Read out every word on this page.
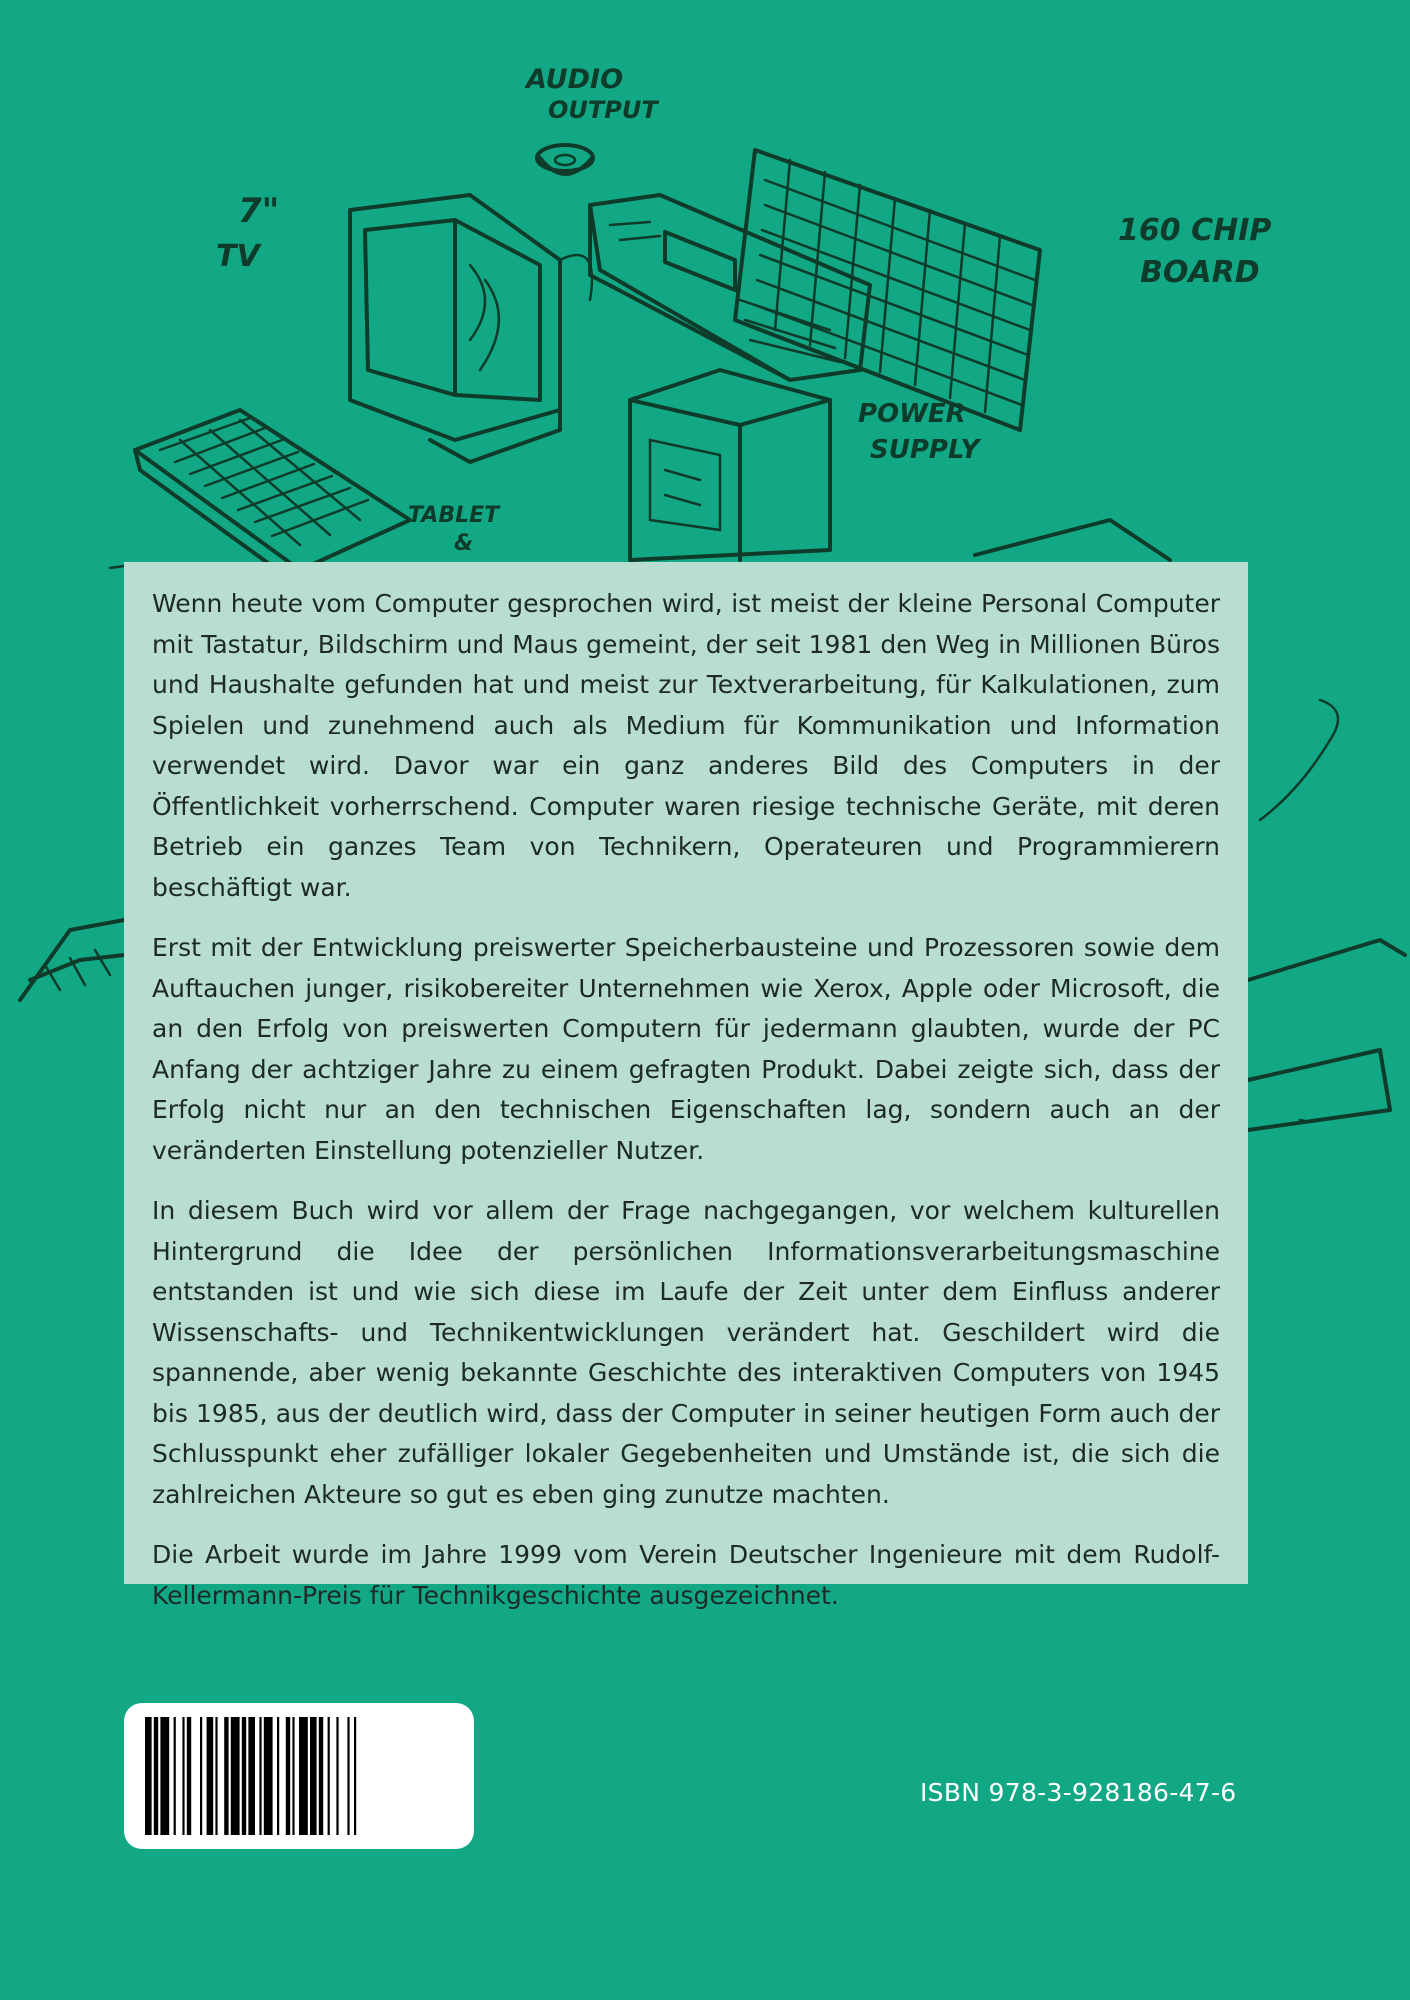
AUDIO
OUTPUT
7"
TV
TABLET
&
160 CHIP
BOARD
POWER
SUPPLY

Wenn heute vom Computer gesprochen wird, ist meist der kleine Personal Computer mit Tastatur, Bildschirm und Maus gemeint, der seit 1981 den Weg in Millionen Büros und Haushalte gefunden hat und meist zur Textverarbeitung, für Kalkulationen, zum Spielen und zunehmend auch als Medium für Kommunikation und Information verwendet wird. Davor war ein ganz anderes Bild des Computers in der Öffentlichkeit vorherrschend. Computer waren riesige technische Geräte, mit deren Betrieb ein ganzes Team von Technikern, Operateuren und Programmierern beschäftigt war.

Erst mit der Entwicklung preiswerter Speicherbausteine und Prozessoren sowie dem Auftauchen junger, risikobereiter Unternehmen wie Xerox, Apple oder Microsoft, die an den Erfolg von preiswerten Computern für jedermann glaubten, wurde der PC Anfang der achtziger Jahre zu einem gefragten Produkt. Dabei zeigte sich, dass der Erfolg nicht nur an den technischen Eigenschaften lag, sondern auch an der veränderten Einstellung potenzieller Nutzer.

In diesem Buch wird vor allem der Frage nachgegangen, vor welchem kulturellen Hintergrund die Idee der persönlichen Informationsverarbeitungsmaschine entstanden ist und wie sich diese im Laufe der Zeit unter dem Einfluss anderer Wissenschafts- und Technikentwicklungen verändert hat. Geschildert wird die spannende, aber wenig bekannte Geschichte des interaktiven Computers von 1945 bis 1985, aus der deutlich wird, dass der Computer in seiner heutigen Form auch der Schlusspunkt eher zufälliger lokaler Gegebenheiten und Umstände ist, die sich die zahlreichen Akteure so gut es eben ging zunutze machten.

Die Arbeit wurde im Jahre 1999 vom Verein Deutscher Ingenieure mit dem Rudolf-Kellermann-Preis für Technikgeschichte ausgezeichnet.

ISBN 978-3-928186-47-6
